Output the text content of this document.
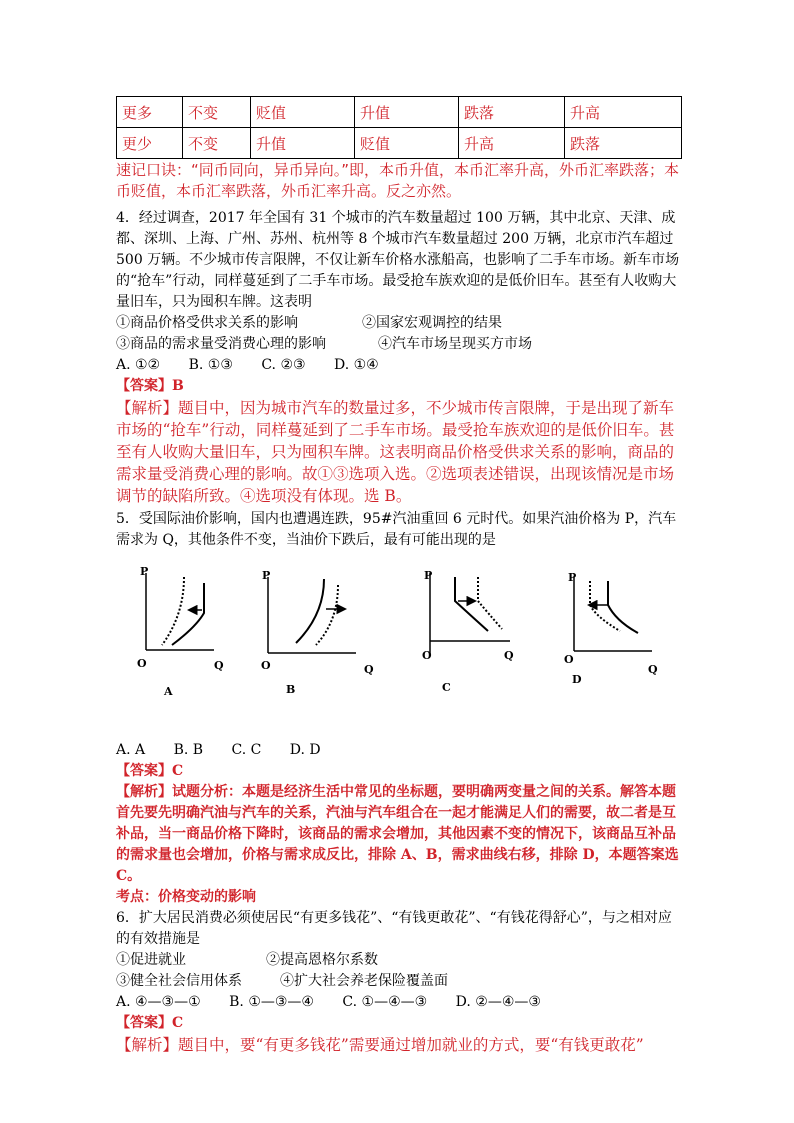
更多	不变	贬值	升值	跌落	升高
更少	不变	升值	贬值	升高	跌落
速记口诀：“同币同向，异币异向。”即，本币升值，本币汇率升高，外币汇率跌落；本币贬值，本币汇率跌落，外币汇率升高。反之亦然。

4．经过调查，2017 年全国有 31 个城市的汽车数量超过 100 万辆，其中北京、天津、成都、深圳、上海、广州、苏州、杭州等 8 个城市汽车数量超过 200 万辆，北京市汽车超过 500 万辆。不少城市传言限牌，不仅让新车价格水涨船高，也影响了二手车市场。新车市场的“抢车”行动，同样蔓延到了二手车市场。最受抢车族欢迎的是低价旧车。甚至有人收购大量旧车，只为囤积车牌。这表明

①商品价格受供求关系的影响	②国家宏观调控的结果
③商品的需求量受消费心理的影响	④汽车市场呈现买方市场
A. ①② B. ①③ C. ②③ D. ①④
【答案】B
【解析】题目中，因为城市汽车的数量过多，不少城市传言限牌，于是出现了新车市场的“抢车”行动，同样蔓延到了二手车市场。最受抢车族欢迎的是低价旧车。甚至有人收购大量旧车，只为囤积车牌。这表明商品价格受供求关系的影响，商品的需求量受消费心理的影响。故①③选项入选。②选项表述错误，出现该情况是市场调节的缺陷所致。④选项没有体现。选 B。

5．受国际油价影响，国内也遭遇连跌，95#汽油重回 6 元时代。如果汽油价格为 P，汽车需求为 Q，其他条件不变，当油价下跌后，最有可能出现的是

P
O	Q
A
P
O	Q
B
P
O	Q
C
P
O
Q
D
A. A B. B C. C D. D
【答案】C
【解析】试题分析：本题是经济生活中常见的坐标题，要明确两变量之间的关系。解答本题首先要先明确汽油与汽车的关系，汽油与汽车组合在一起才能满足人们的需要，故二者是互补品，当一商品价格下降时，该商品的需求会增加，其他因素不变的情况下，该商品互补品的需求量也会增加，价格与需求成反比，排除 A、B，需求曲线右移，排除 D，本题答案选 C。
考点：价格变动的影响

6．扩大居民消费必须使居民“有更多钱花”、“有钱更敢花”、“有钱花得舒心”，与之相对应的有效措施是

①促进就业	②提高恩格尔系数
③健全社会信用体系	④扩大社会养老保险覆盖面
A. ④—③—① B. ①—③—④ C. ①—④—③ D. ②—④—③
【答案】C
【解析】题目中，要“有更多钱花”需要通过增加就业的方式，要“有钱更敢花”
